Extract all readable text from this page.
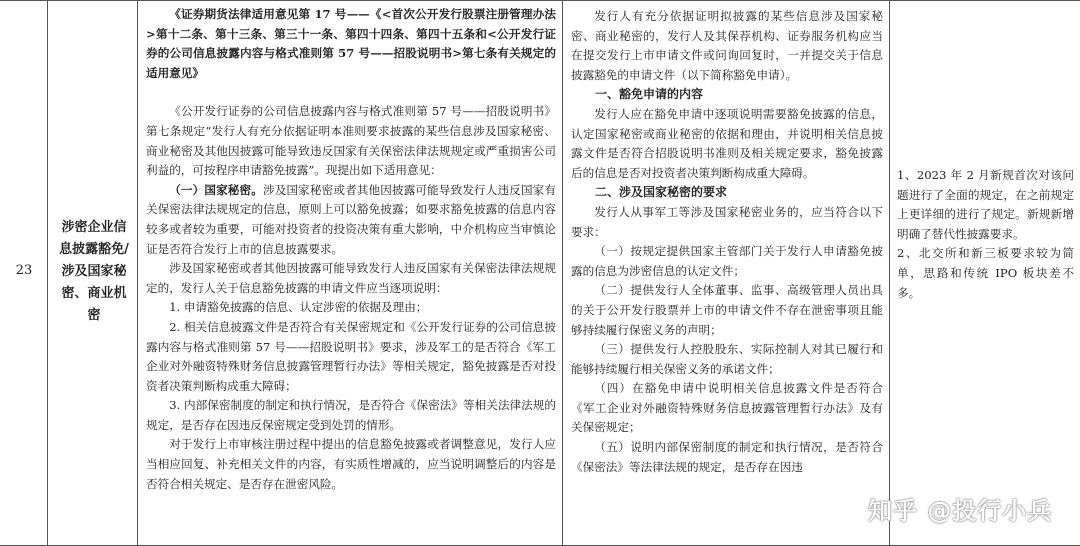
23
涉密企业信息披露豁免/涉及国家秘密、商业机密

《证券期货法律适用意见第 17 号——《<首次公开发行股票注册管理办法>第十二条、第十三条、第三十一条、第四十四条、第四十五条和<公开发行证券的公司信息披露内容与格式准则第 57 号——招股说明书>第七条有关规定的适用意见》

《公开发行证券的公司信息披露内容与格式准则第 57 号——招股说明书》第七条规定“发行人有充分依据证明本准则要求披露的某些信息涉及国家秘密、商业秘密及其他因披露可能导致违反国家有关保密法律法规规定或严重损害公司利益的，可按程序申请豁免披露”。现提出如下适用意见：

（一）国家秘密。涉及国家秘密或者其他因披露可能导致发行人违反国家有关保密法律法规规定的信息，原则上可以豁免披露；如要求豁免披露的信息内容较多或者较为重要，可能对投资者的投资决策有重大影响，中介机构应当审慎论证是否符合发行上市的信息披露要求。

涉及国家秘密或者其他因披露可能导致发行人违反国家有关保密法律法规规定的，发行人关于信息豁免披露的申请文件应当逐项说明：

1. 申请豁免披露的信息、认定涉密的依据及理由；

2. 相关信息披露文件是否符合有关保密规定和《公开发行证券的公司信息披露内容与格式准则第 57 号——招股说明书》要求，涉及军工的是否符合《军工企业对外融资特殊财务信息披露管理暂行办法》等相关规定，豁免披露是否对投资者决策判断构成重大障碍；

3. 内部保密制度的制定和执行情况，是否符合《保密法》等相关法律法规的规定，是否存在因违反保密规定受到处罚的情形。

对于发行上市审核注册过程中提出的信息豁免披露或者调整意见，发行人应当相应回复、补充相关文件的内容，有实质性增减的，应当说明调整后的内容是否符合相关规定、是否存在泄密风险。

发行人有充分依据证明拟披露的某些信息涉及国家秘密、商业秘密的，发行人及其保荐机构、证券服务机构应当在提交发行上市申请文件或问询回复时，一并提交关于信息披露豁免的申请文件（以下简称豁免申请）。

一、豁免申请的内容

发行人应在豁免申请中逐项说明需要豁免披露的信息，认定国家秘密或商业秘密的依据和理由，并说明相关信息披露文件是否符合招股说明书准则及相关规定要求，豁免披露后的信息是否对投资者决策判断构成重大障碍。

二、涉及国家秘密的要求

发行人从事军工等涉及国家秘密业务的，应当符合以下要求：

（一）按规定提供国家主管部门关于发行人申请豁免披露的信息为涉密信息的认定文件；

（二）提供发行人全体董事、监事、高级管理人员出具的关于公开发行股票并上市的申请文件不存在泄密事项且能够持续履行保密义务的声明；

（三）提供发行人控股股东、实际控制人对其已履行和能够持续履行相关保密义务的承诺文件；

（四）在豁免申请中说明相关信息披露文件是否符合《军工企业对外融资特殊财务信息披露管理暂行办法》及有关保密规定；

（五）说明内部保密制度的制定和执行情况，是否符合《保密法》等法律法规的规定，是否存在因违

1、2023 年 2 月新规首次对该问题进行了全面的规定，在之前规定上更详细的进行了规定。新规新增明确了替代性披露要求。

2、北交所和新三板要求较为简单，思路和传统 IPO 板块差不多。

知乎 @投行小兵
